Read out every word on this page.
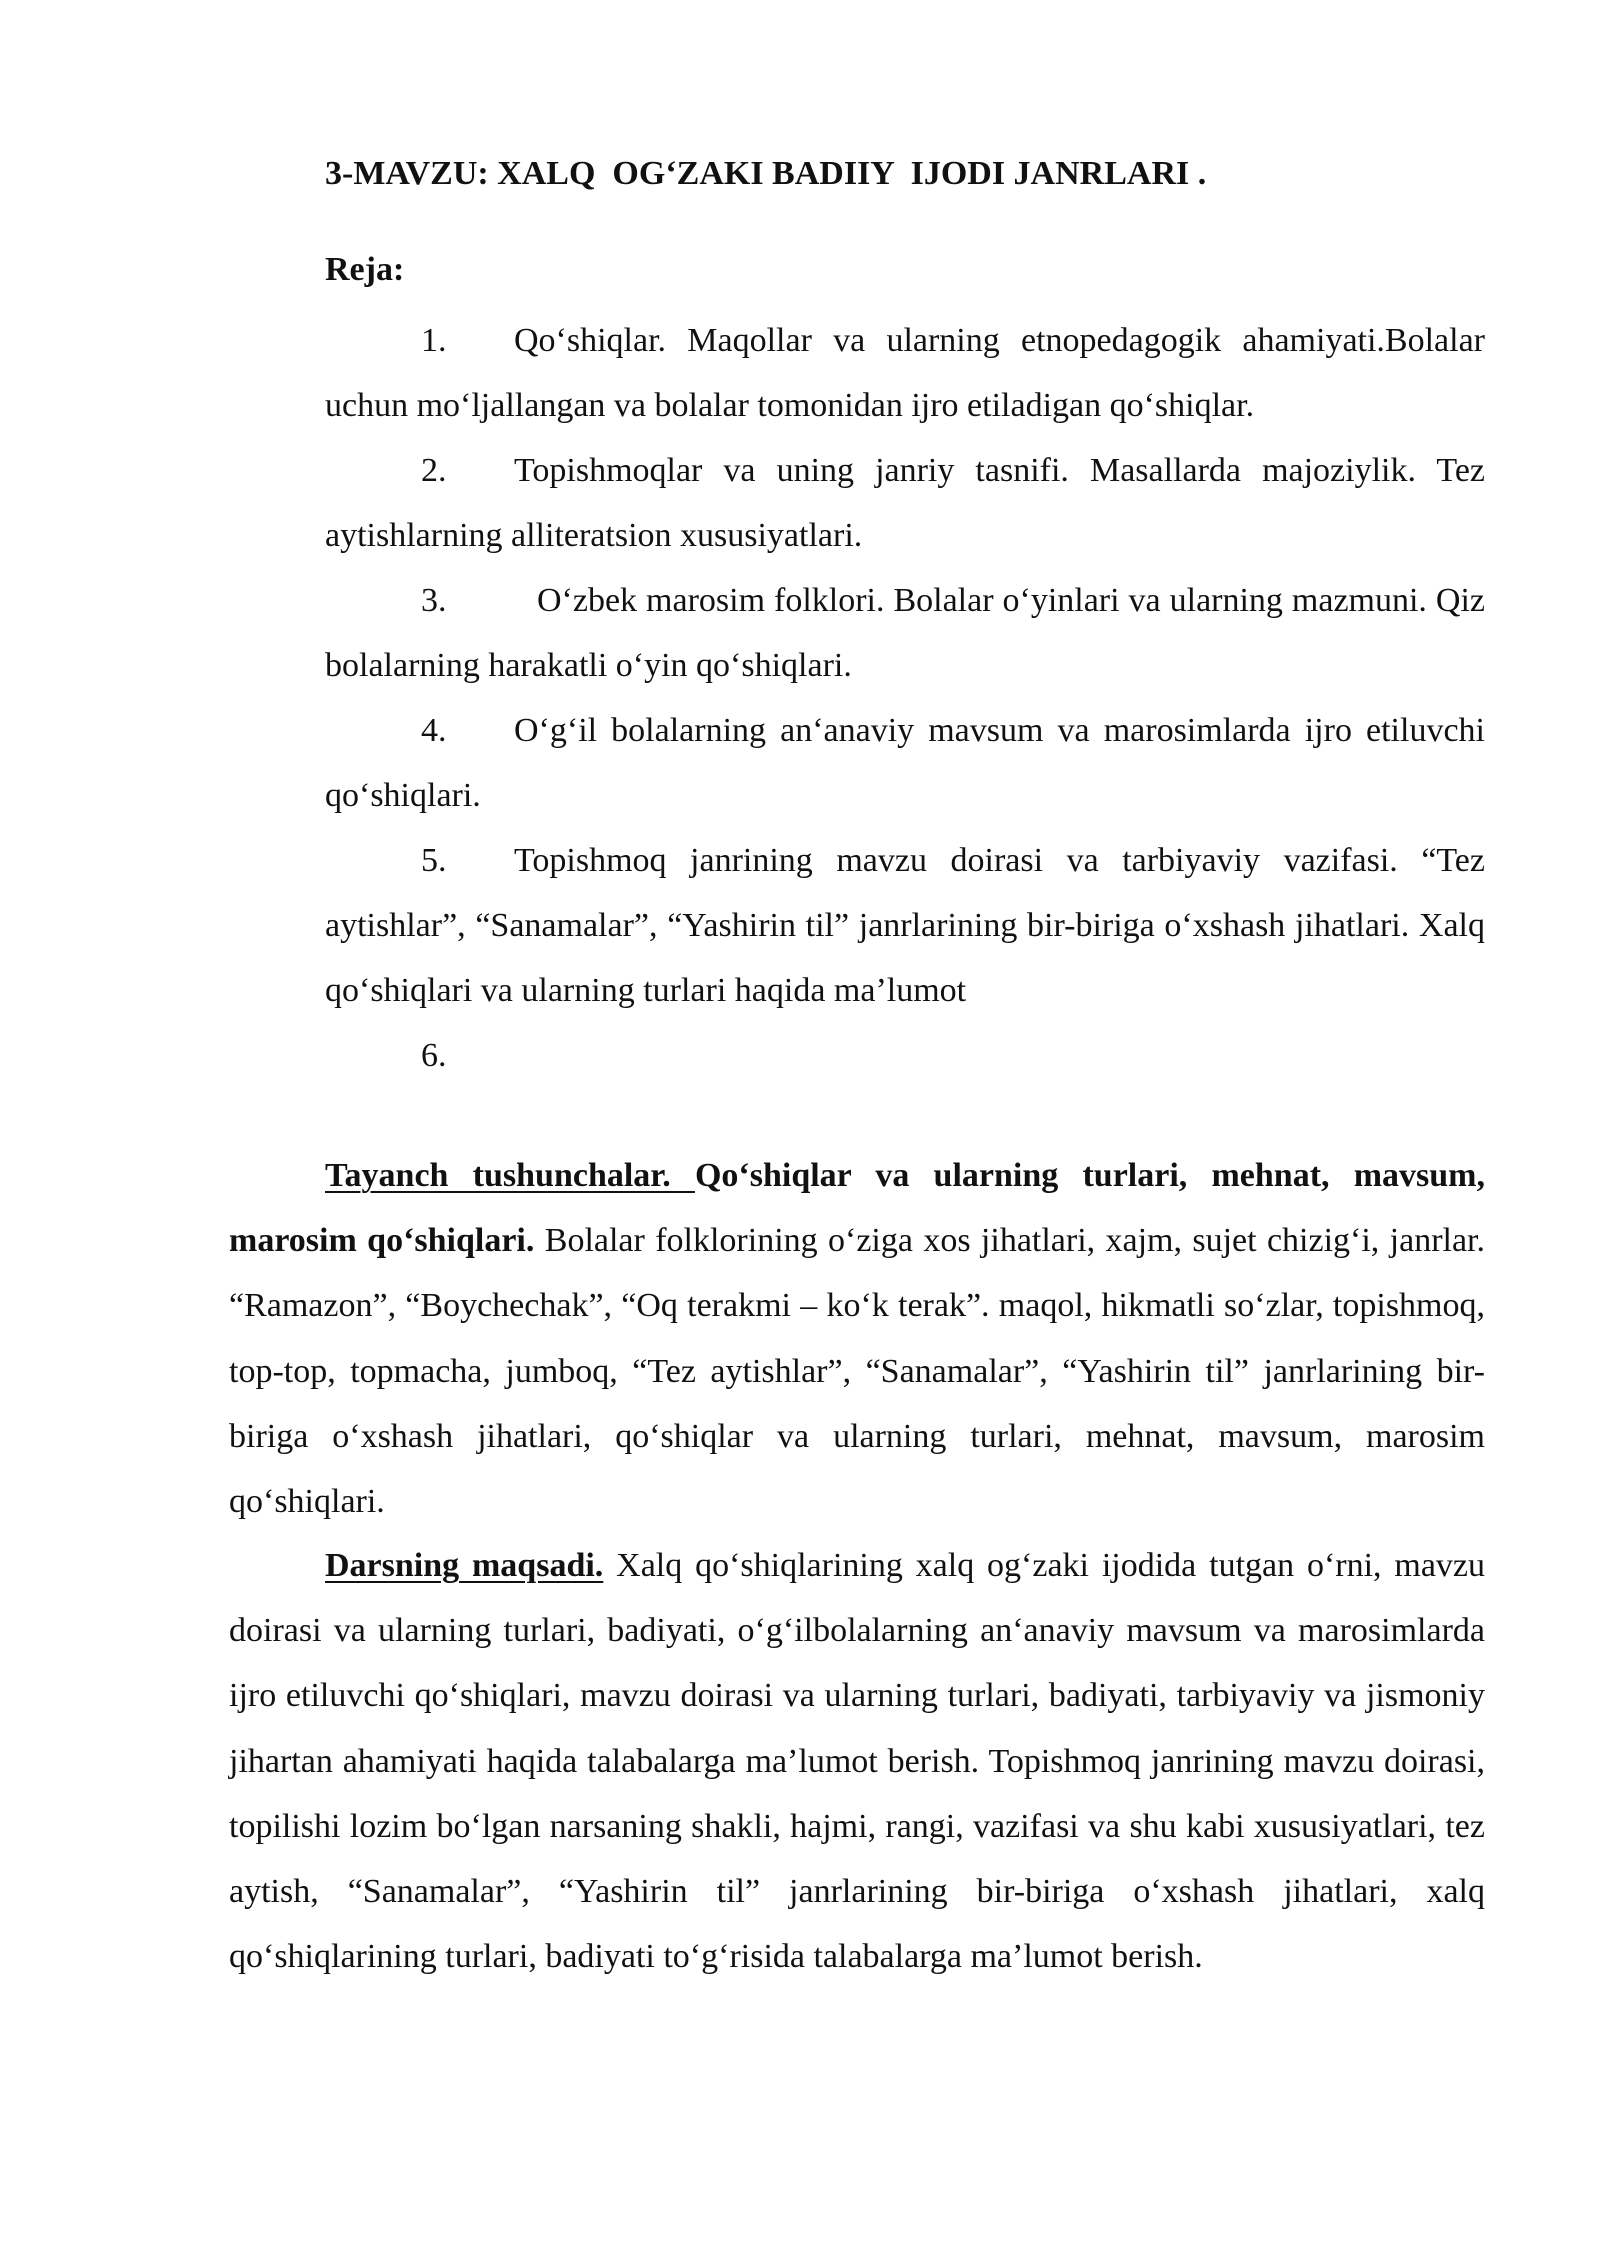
3-MAVZU: XALQ  OG‘ZAKI BADIIY  IJODI JANRLARI .
Reja:

1. Qo‘shiqlar. Maqollar va ularning etnopedagogik ahamiyati.Bolalar uchun mo‘ljallangan va bolalar tomonidan ijro etiladigan qo‘shiqlar.

2. Topishmoqlar va uning janriy tasnifi. Masallarda majoziylik. Tez aytishlarning alliteratsion xususiyatlari.

3.	O‘zbek marosim folklori. Bolalar o‘yinlari va ularning mazmuni. Qiz bolalarning harakatli o‘yin qo‘shiqlari.

4. O‘g‘il bolalarning an‘anaviy mavsum va marosimlarda ijro etiluvchi qo‘shiqlari.

5. Topishmoq janrining mavzu doirasi va tarbiyaviy vazifasi. “Tez aytishlar”, “Sanamalar”, “Yashirin til” janrlarining bir-biriga o‘xshash jihatlari. Xalq qo‘shiqlari va ularning turlari haqida ma’lumot

6.

Tayanch tushunchalar. Qo‘shiqlar va ularning turlari, mehnat, mavsum, marosim qo‘shiqlari. Bolalar folklorining o‘ziga xos jihatlari, xajm, sujet chizig‘i, janrlar. “Ramazon”, “Boychechak”, “Oq terakmi – ko‘k terak”. maqol, hikmatli so‘zlar, topishmoq, top-top, topmacha, jumboq, “Tez aytishlar”, “Sanamalar”, “Yashirin til” janrlarining bir-biriga o‘xshash jihatlari, qo‘shiqlar va ularning turlari, mehnat, mavsum, marosim qo‘shiqlari.

Darsning maqsadi. Xalq qo‘shiqlarining xalq og‘zaki ijodida tutgan o‘rni, mavzu doirasi va ularning turlari, badiyati, o‘g‘ilbolalarning an‘anaviy mavsum va marosimlarda ijro etiluvchi qo‘shiqlari, mavzu doirasi va ularning turlari, badiyati, tarbiyaviy va jismoniy jihartan ahamiyati haqida talabalarga ma’lumot berish. Topishmoq janrining mavzu doirasi, topilishi lozim bo‘lgan narsaning shakli, hajmi, rangi, vazifasi va shu kabi xususiyatlari, tez aytish, “Sanamalar”, “Yashirin til” janrlarining bir-biriga o‘xshash jihatlari, xalq qo‘shiqlarining turlari, badiyati to‘g‘risida talabalarga ma’lumot berish.
